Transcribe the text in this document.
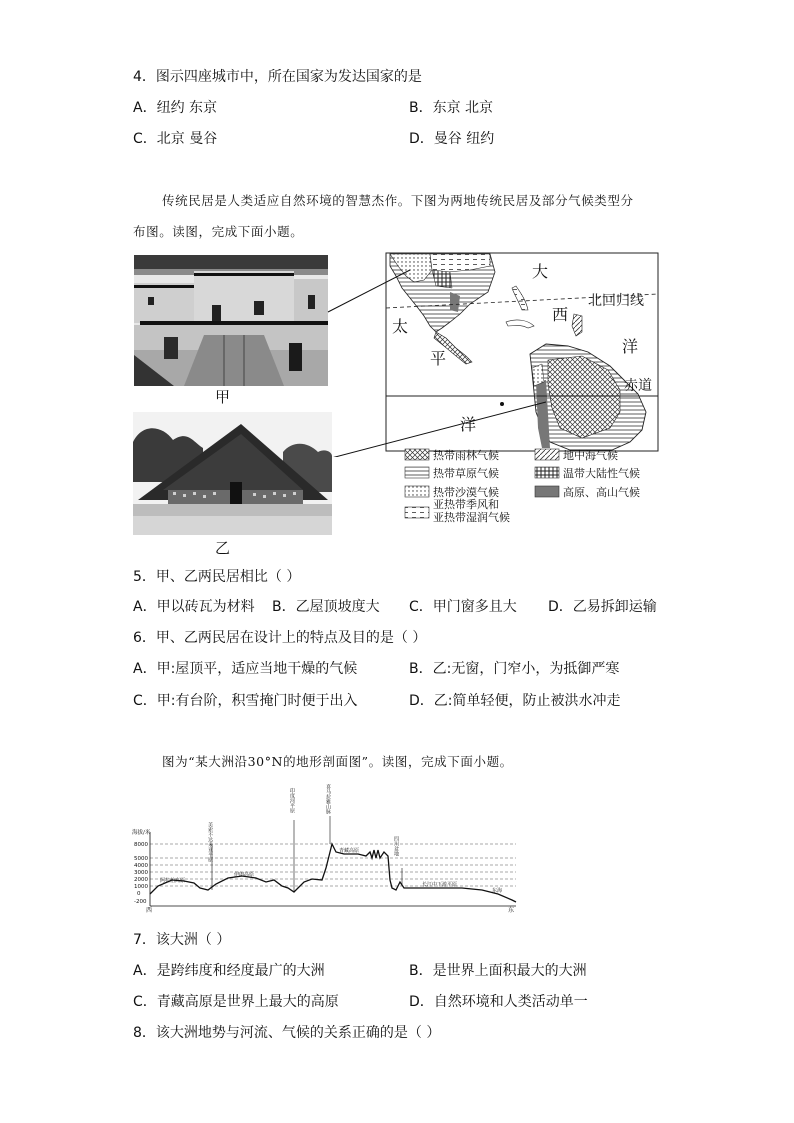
4．图示四座城市中，所在国家为发达国家的是
A．纽约 东京	B．东京 北京
C．北京 曼谷	D．曼谷 纽约
传统民居是人类适应自然环境的智慧杰作。下图为两地传统民居及部分气候类型分
布图。读图，完成下面小题。
甲
乙
北回归线
赤道
大
西
洋
太
平
洋
热带雨林气候	地中海气候
热带草原气候	温带大陆性气候
热带沙漠气候	高原、高山气候
亚热带季风和
亚热带湿润气候
5．甲、乙两民居相比（ ）
A．甲以砖瓦为材料 B．乙屋顶坡度大 C．甲门窗多且大 D．乙易拆卸运输
6．甲、乙两民居在设计上的特点及目的是（ ）
A．甲:屋顶平，适应当地干燥的气候	B．乙:无窗，门窄小，为抵御严寒
C．甲:有台阶，积雪掩门时便于出入	D．乙:简单轻便，防止被洪水冲走
图为“某大洲沿30°N的地形剖面图”。读图，完成下面小题。
海拔/米
8000
5000
4000
3000
2000
1000
0
-200
西	东
印度河平原	喜马拉雅山脉
美索不达米亚平原	青藏高原	四川盆地
长江中下游平原
伊朗高原
阿拉伯高原
东海
7．该大洲（ ）
A．是跨纬度和经度最广的大洲	B．是世界上面积最大的大洲
C．青藏高原是世界上最大的高原	D．自然环境和人类活动单一
8．该大洲地势与河流、气候的关系正确的是（ ）
